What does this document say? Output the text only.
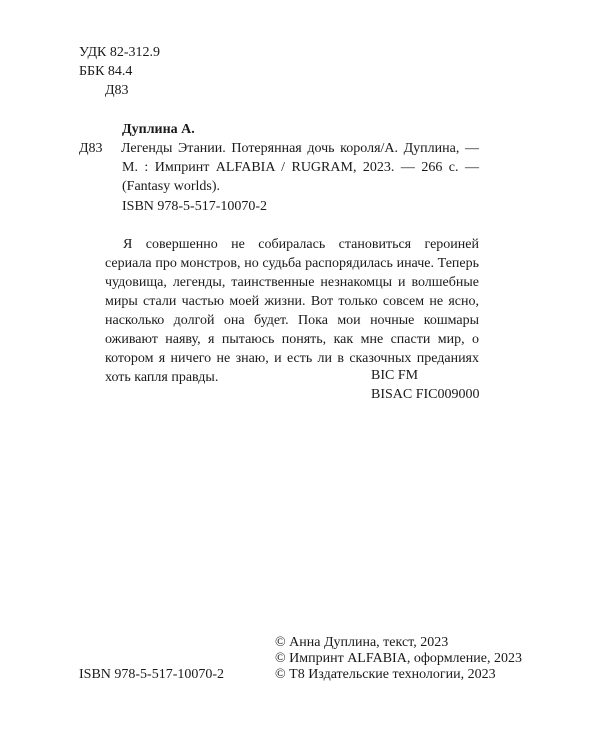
УДК 82-312.9
ББК 84.4
Д83
Д83
Дуплина А.
Легенды Этании. Потерянная дочь короля/А. Дуплина, — М. : Импринт ALFABIA / RUGRAM, 2023. — 266 с. — (Fantasy worlds).
ISBN 978-5-517-10070-2
Я совершенно не собиралась становиться героиней сериала про монстров, но судьба распорядилась иначе. Теперь чудовища, легенды, таинственные незнакомцы и волшебные миры стали частью моей жизни. Вот только совсем не ясно, насколько долгой она будет. Пока мои ночные кошмары оживают наяву, я пытаюсь понять, как мне спасти мир, о котором я ничего не знаю, и есть ли в сказочных преданиях хоть капля правды.	BIC FM
BISAC FIC009000
ISBN 978-5-517-10070-2
© Анна Дуплина, текст, 2023
© Импринт ALFABIA, оформление, 2023
© Т8 Издательские технологии, 2023
